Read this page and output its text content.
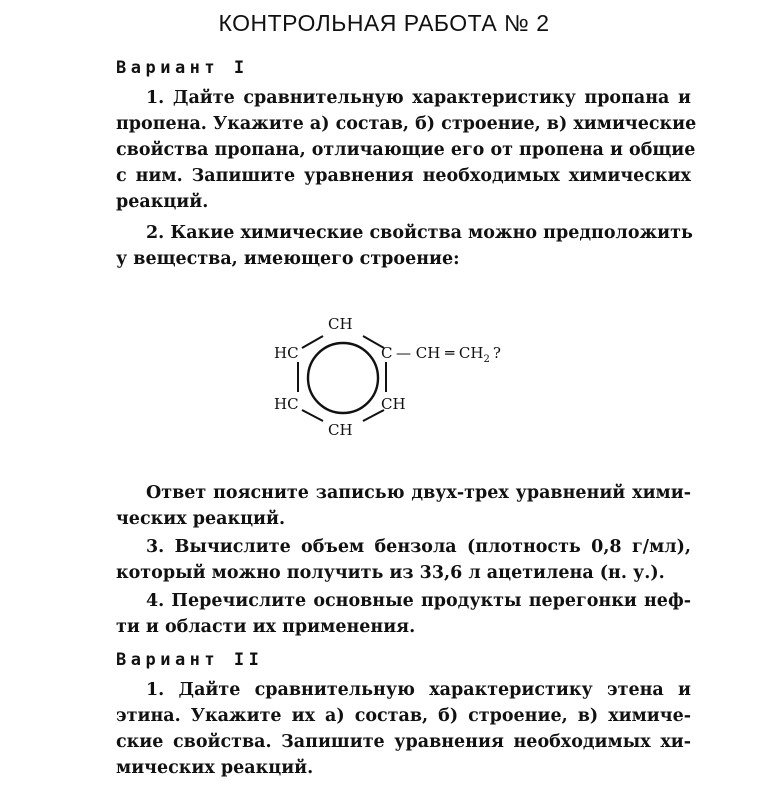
КОНТРОЛЬНАЯ РАБОТА № 2
Вариант I
1. Дайте сравнительную характеристику пропана и
пропена. Укажите а) состав, б) строение, в) химические
свойства пропана, отличающие его от пропена и общие
с ним. Запишите уравнения необходимых химических
реакций.
2. Какие химические свойства можно предположить
у вещества, имеющего строение:
CH
HC	C
HC	CH
CH
— CH ═ $CH_2$ ?
Ответ поясните записью двух-трех уравнений хими-
ческих реакций.
3. Вычислите объем бензола (плотность 0,8 г/мл),
который можно получить из 33,6 л ацетилена (н. у.).
4. Перечислите основные продукты перегонки неф-
ти и области их применения.
Вариант II
1. Дайте сравнительную характеристику этена и
этина. Укажите их а) состав, б) строение, в) химиче-
ские свойства. Запишите уравнения необходимых хи-
мических реакций.
